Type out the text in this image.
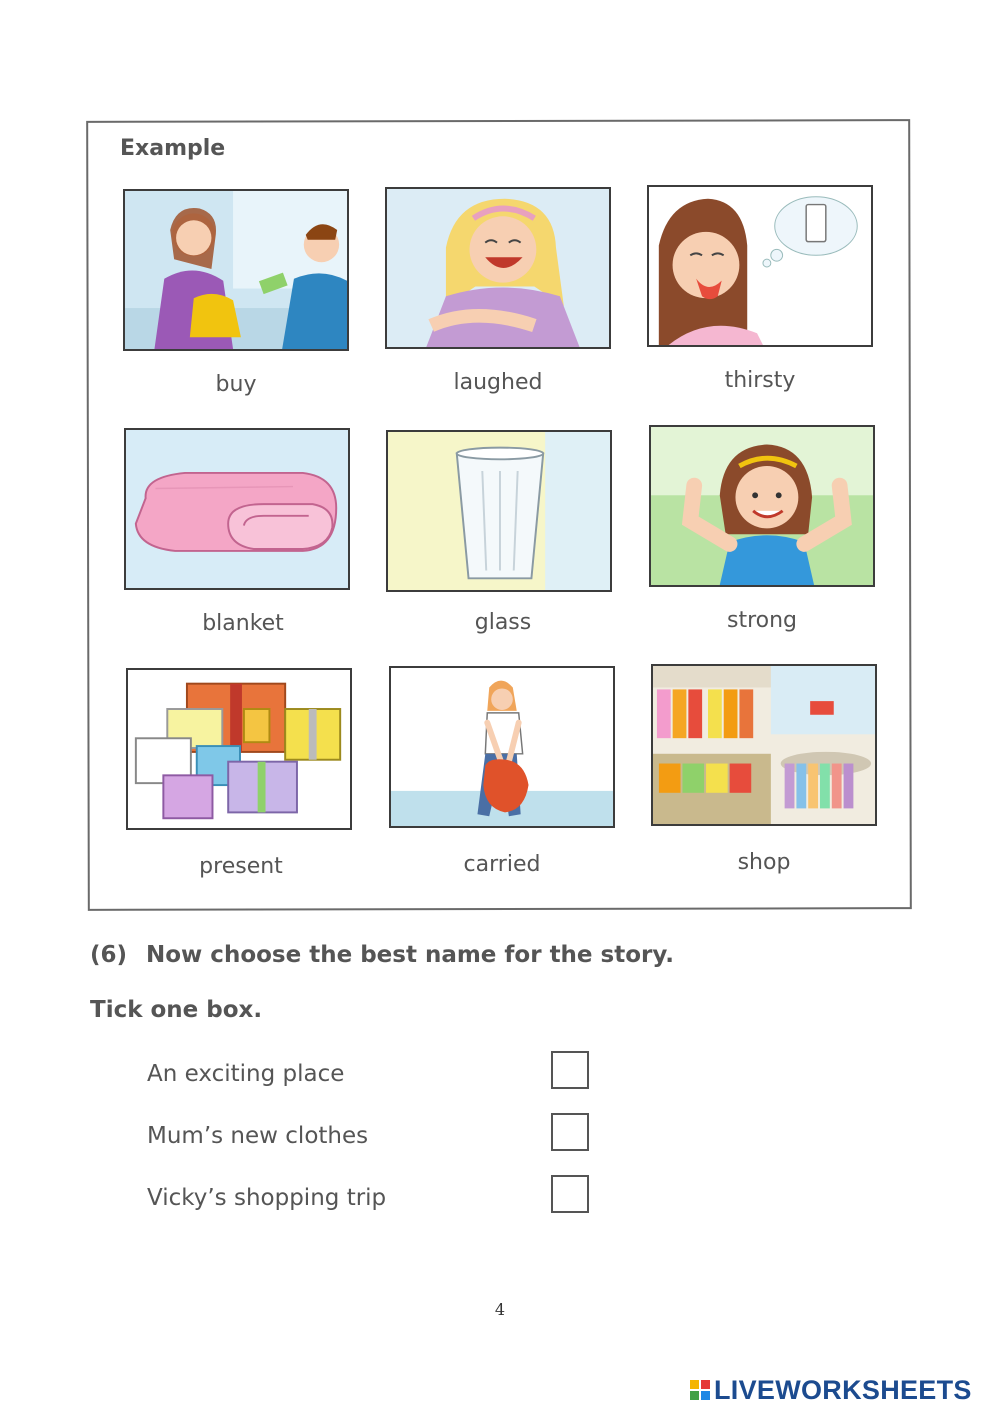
Example
buy	laughed	thirsty
blanket	glass	strong
present	carried	shop
(6) Now choose the best name for the story.
Tick one box.
An exciting place
Mum’s new clothes
Vicky’s shopping trip
4
LIVEWORKSHEETS
